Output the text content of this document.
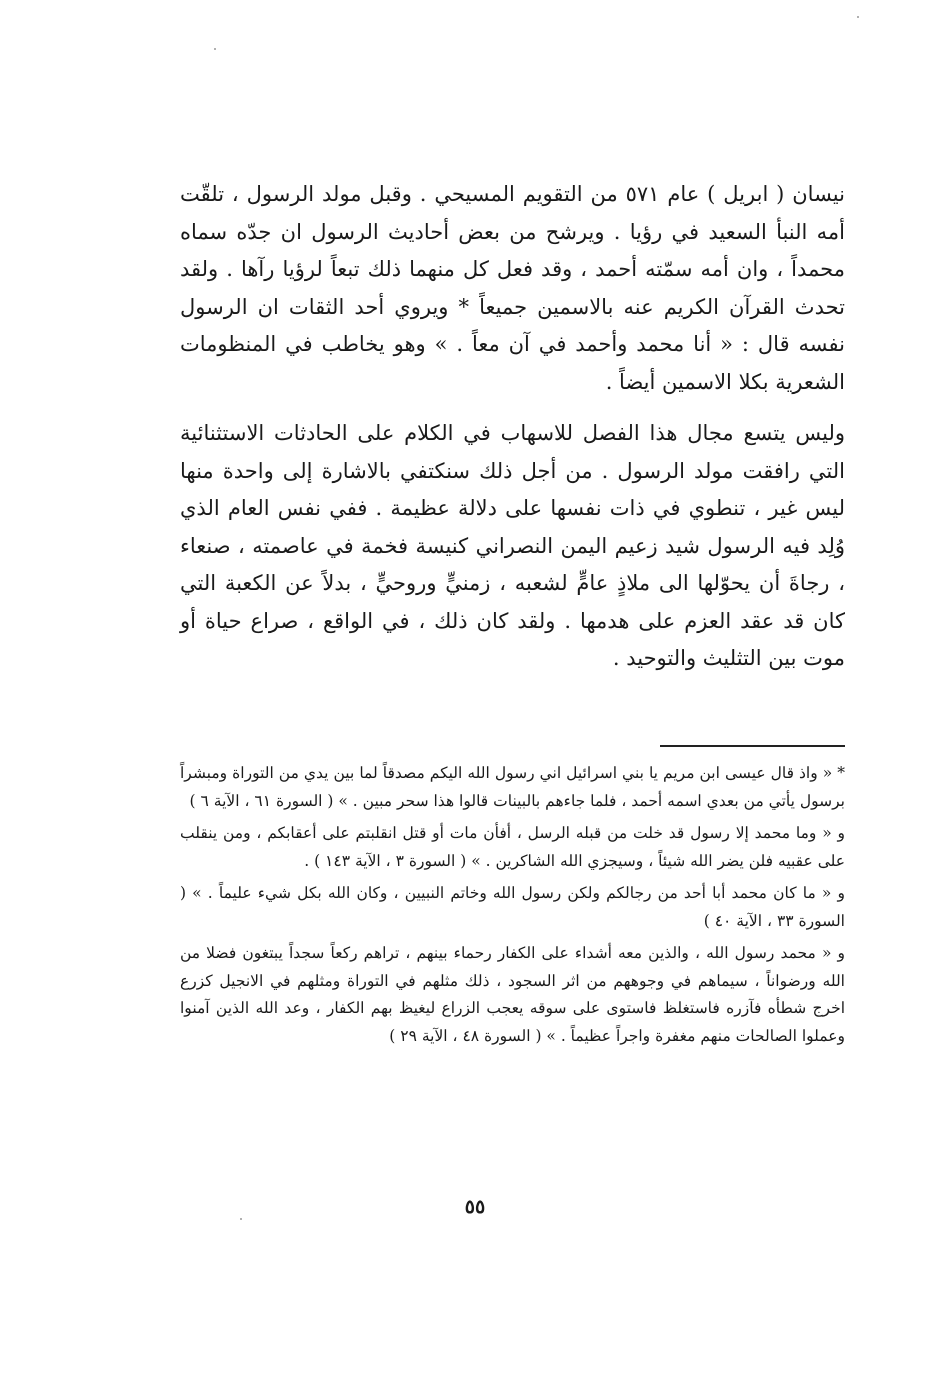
نيسان ( ابريل ) عام ٥٧١ من التقويم المسيحي . وقبل مولد الرسول ، تلقّت أمه النبأ السعيد في رؤيا . ويرشح من بعض أحاديث الرسول ان جدّه سماه محمداً ، وان أمه سمّته أحمد ، وقد فعل كل منهما ذلك تبعاً لرؤيا رآها . ولقد تحدث القرآن الكريم عنه بالاسمين جميعاً * ويروي أحد الثقات ان الرسول نفسه قال : « أنا محمد وأحمد في آن معاً . » وهو يخاطب في المنظومات الشعرية بكلا الاسمين أيضاً .

وليس يتسع مجال هذا الفصل للاسهاب في الكلام على الحادثات الاستثنائية التي رافقت مولد الرسول . من أجل ذلك سنكتفي بالاشارة إلى واحدة منها ليس غير ، تنطوي في ذات نفسها على دلالة عظيمة . ففي نفس العام الذي وُلِد فيه الرسول شيد زعيم اليمن النصراني كنيسة فخمة في عاصمته ، صنعاء ، رجاةَ أن يحوّلها الى ملاذٍ عامٍّ لشعبه ، زمنيٍّ وروحيٍّ ، بدلاً عن الكعبة التي كان قد عقد العزم على هدمها . ولقد كان ذلك ، في الواقع ، صراع حياة أو موت بين التثليث والتوحيد .

* « واذ قال عيسى ابن مريم يا بني اسرائيل اني رسول الله اليكم مصدقاً لما بين يدي من التوراة ومبشراً برسول يأتي من بعدي اسمه أحمد ، فلما جاءهم بالبينات قالوا هذا سحر مبين . » ( السورة ٦١ ، الآية ٦ )

و « وما محمد إلا رسول قد خلت من قبله الرسل ، أفأن مات أو قتل انقلبتم على أعقابكم ، ومن ينقلب على عقبيه فلن يضر الله شيئاً ، وسيجزي الله الشاكرين . » ( السورة ٣ ، الآية ١٤٣ ) .

و « ما كان محمد أبا أحد من رجالكم ولكن رسول الله وخاتم النبيين ، وكان الله بكل شيء عليماً . » ( السورة ٣٣ ، الآية ٤٠ )

و « محمد رسول الله ، والذين معه أشداء على الكفار رحماء بينهم ، تراهم ركعاً سجداً يبتغون فضلا من الله ورضواناً ، سيماهم في وجوههم من اثر السجود ، ذلك مثلهم في التوراة ومثلهم في الانجيل كزرع اخرج شطأه فآزره فاستغلظ فاستوى على سوقه يعجب الزراع ليغيظ بهم الكفار ، وعد الله الذين آمنوا وعملوا الصالحات منهم مغفرة واجراً عظيماً . » ( السورة ٤٨ ، الآية ٢٩ )

٥٥
